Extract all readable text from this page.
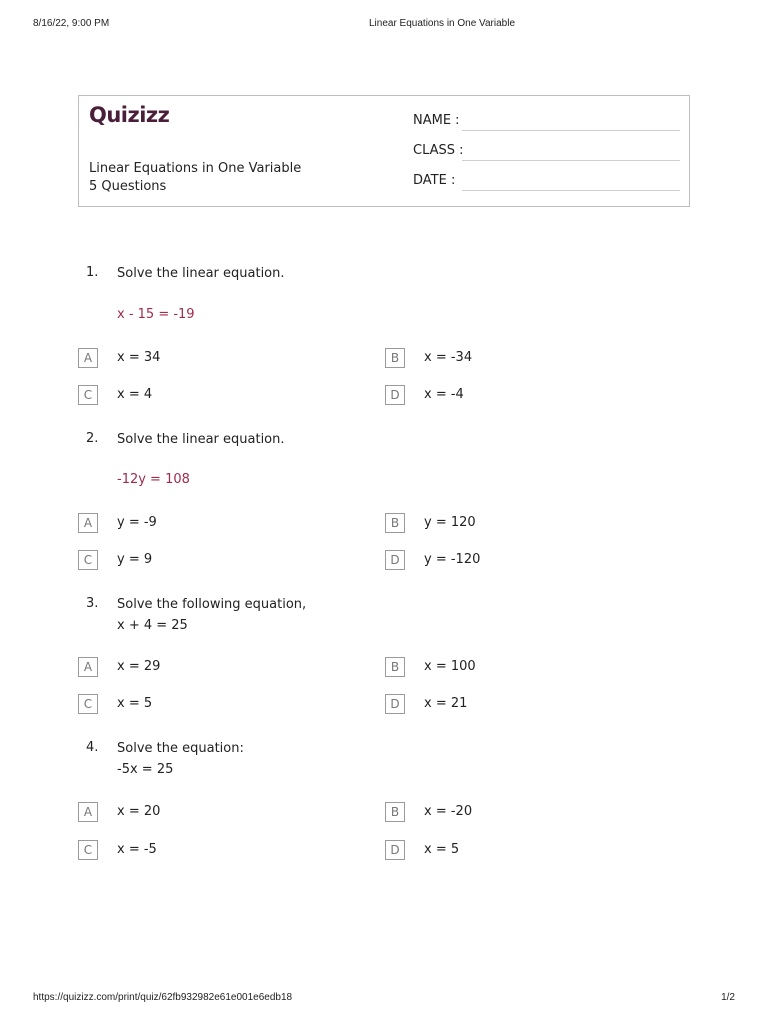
8/16/22, 9:00 PM	Linear Equations in One Variable
Quizizz
Linear Equations in One Variable
5 Questions
NAME :
CLASS :
DATE :
1. Solve the linear equation.
x - 15 = -19
A	x = 34	B	x = -34
C	x = 4	D	x = -4
2. Solve the linear equation.
-12y = 108
A	y = -9	B	y = 120
C	y = 9	D	y = -120
3. Solve the following equation,
x + 4 = 25
A	x = 29	B	x = 100
C	x = 5	D	x = 21
4. Solve the equation:
-5x = 25
A	x = 20	B	x = -20
C	x = -5	D	x = 5
https://quizizz.com/print/quiz/62fb932982e61e001e6edb18	1/2
